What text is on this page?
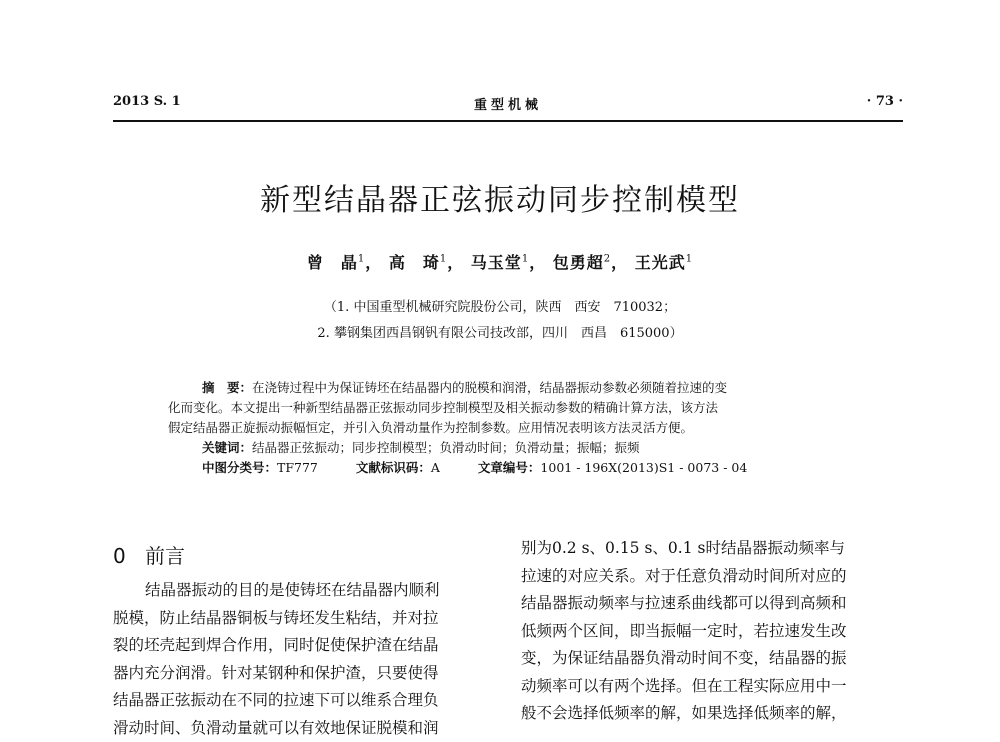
2013 S. 1	重型机械	· 73 ·
新型结晶器正弦振动同步控制模型
曾　晶$^1$， 高　琦$^1$， 马玉堂$^1$， 包勇超$^2$， 王光武$^1$
（1. 中国重型机械研究院股份公司，陕西　西安　710032；
2. 攀钢集团西昌钢钒有限公司技改部，四川　西昌　615000）
摘　要：在浇铸过程中为保证铸坯在结晶器内的脱模和润滑，结晶器振动参数必须随着拉速的变
化而变化。本文提出一种新型结晶器正弦振动同步控制模型及相关振动参数的精确计算方法，该方法
假定结晶器正旋振动振幅恒定，并引入负滑动量作为控制参数。应用情况表明该方法灵活方便。
关键词：结晶器正弦振动；同步控制模型；负滑动时间；负滑动量；振幅；振频
中图分类号：TF777	文献标识码：A	文章编号：1001 - 196X(2013)S1 - 0073 - 04
0 前言
结晶器振动的目的是使铸坯在结晶器内顺利
脱模，防止结晶器铜板与铸坯发生粘结，并对拉
裂的坯壳起到焊合作用，同时促使保护渣在结晶
器内充分润滑。针对某钢种和保护渣，只要使得
结晶器正弦振动在不同的拉速下可以维系合理负
滑动时间、负滑动量就可以有效地保证脱模和润
别为0.2 s、0.15 s、0.1 s时结晶器振动频率与
拉速的对应关系。对于任意负滑动时间所对应的
结晶器振动频率与拉速系曲线都可以得到高频和
低频两个区间，即当振幅一定时，若拉速发生改
变，为保证结晶器负滑动时间不变，结晶器的振
动频率可以有两个选择。但在工程实际应用中一
般不会选择低频率的解，如果选择低频率的解，
